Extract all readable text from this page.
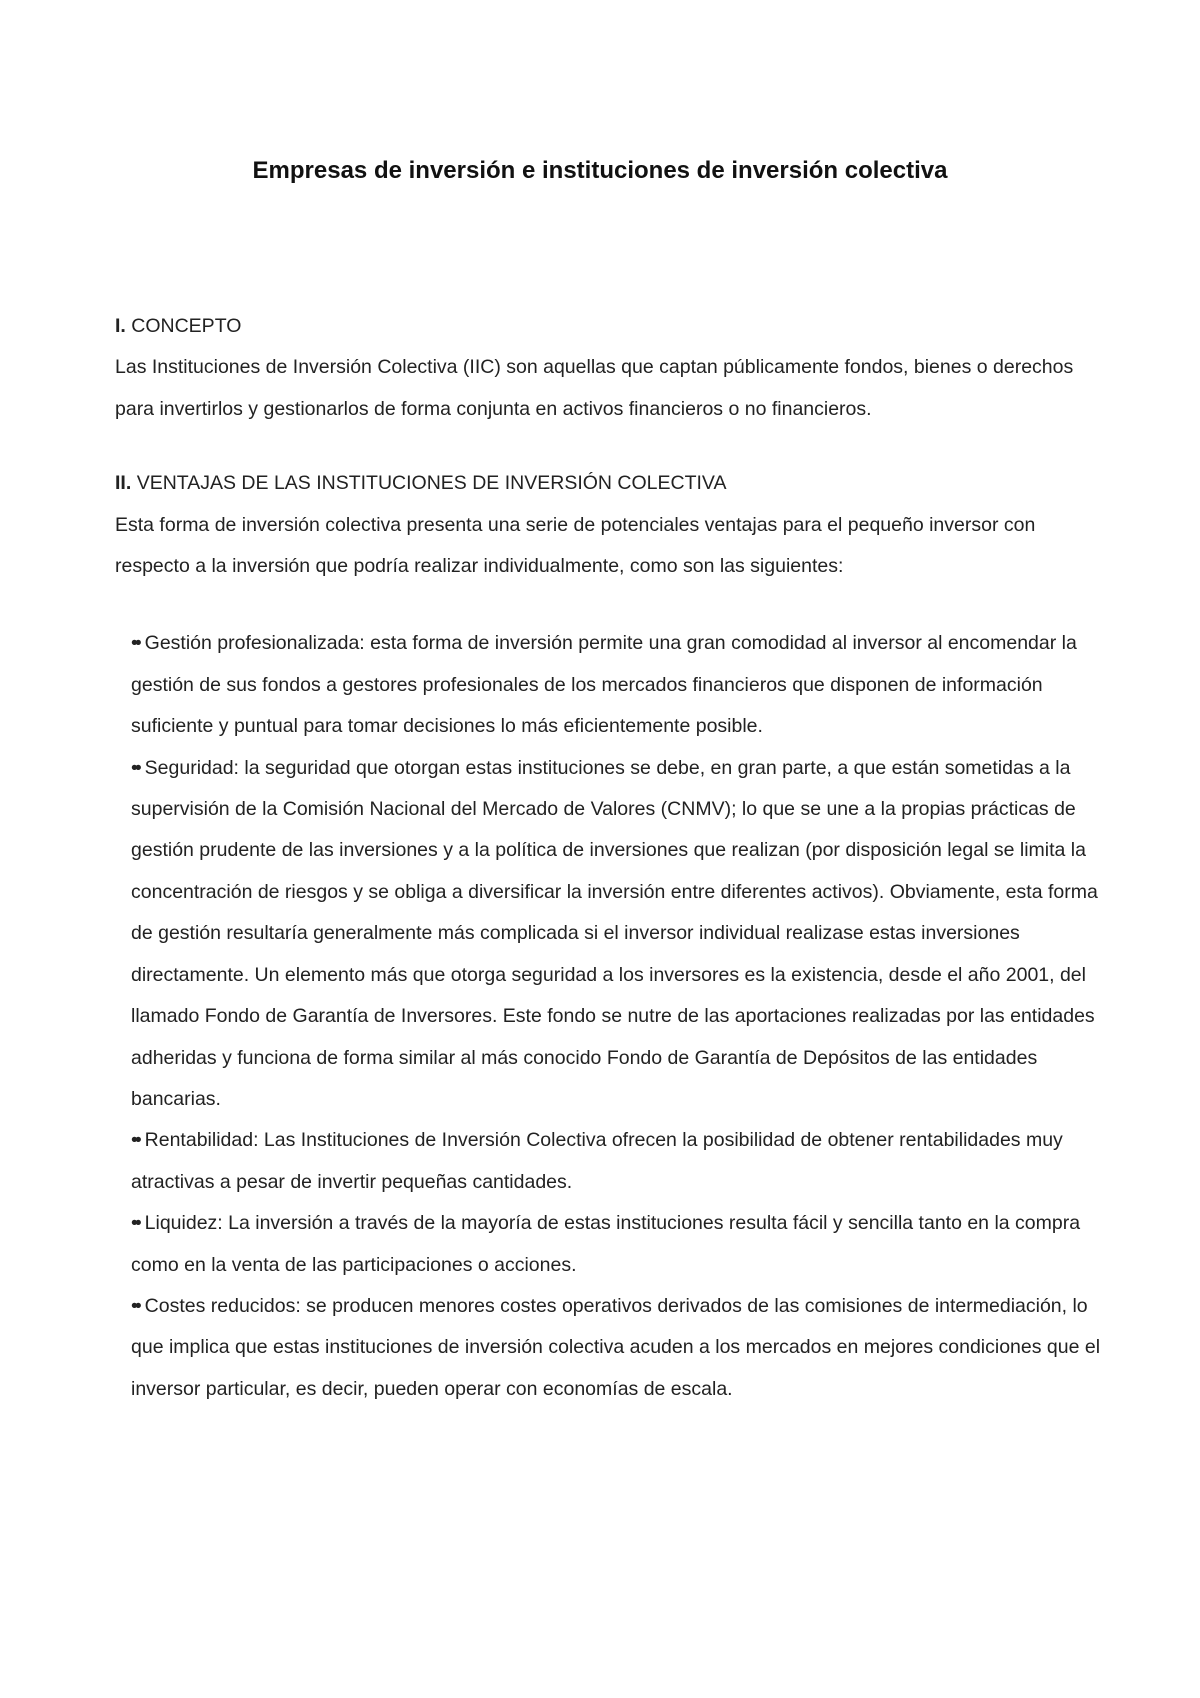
Empresas de inversión e instituciones de inversión colectiva
I. CONCEPTO

Las Instituciones de Inversión Colectiva (IIC) son aquellas que captan públicamente fondos, bienes o derechos para invertirlos y gestionarlos de forma conjunta en activos financieros o no financieros.

II. VENTAJAS DE LAS INSTITUCIONES DE INVERSIÓN COLECTIVA

Esta forma de inversión colectiva presenta una serie de potenciales ventajas para el pequeño inversor con respecto a la inversión que podría realizar individualmente, como son las siguientes:

•• Gestión profesionalizada: esta forma de inversión permite una gran comodidad al inversor al encomendar la gestión de sus fondos a gestores profesionales de los mercados financieros que disponen de información suficiente y puntual para tomar decisiones lo más eficientemente posible.
•• Seguridad: la seguridad que otorgan estas instituciones se debe, en gran parte, a que están sometidas a la supervisión de la Comisión Nacional del Mercado de Valores (CNMV); lo que se une a la propias prácticas de gestión prudente de las inversiones y a la política de inversiones que realizan (por disposición legal se limita la concentración de riesgos y se obliga a diversificar la inversión entre diferentes activos). Obviamente, esta forma de gestión resultaría generalmente más complicada si el inversor individual realizase estas inversiones directamente. Un elemento más que otorga seguridad a los inversores es la existencia, desde el año 2001, del llamado Fondo de Garantía de Inversores. Este fondo se nutre de las aportaciones realizadas por las entidades adheridas y funciona de forma similar al más conocido Fondo de Garantía de Depósitos de las entidades bancarias.
•• Rentabilidad: Las Instituciones de Inversión Colectiva ofrecen la posibilidad de obtener rentabilidades muy atractivas a pesar de invertir pequeñas cantidades.
•• Liquidez: La inversión a través de la mayoría de estas instituciones resulta fácil y sencilla tanto en la compra como en la venta de las participaciones o acciones.
•• Costes reducidos: se producen menores costes operativos derivados de las comisiones de intermediación, lo que implica que estas instituciones de inversión colectiva acuden a los mercados en mejores condiciones que el inversor particular, es decir, pueden operar con economías de escala.
